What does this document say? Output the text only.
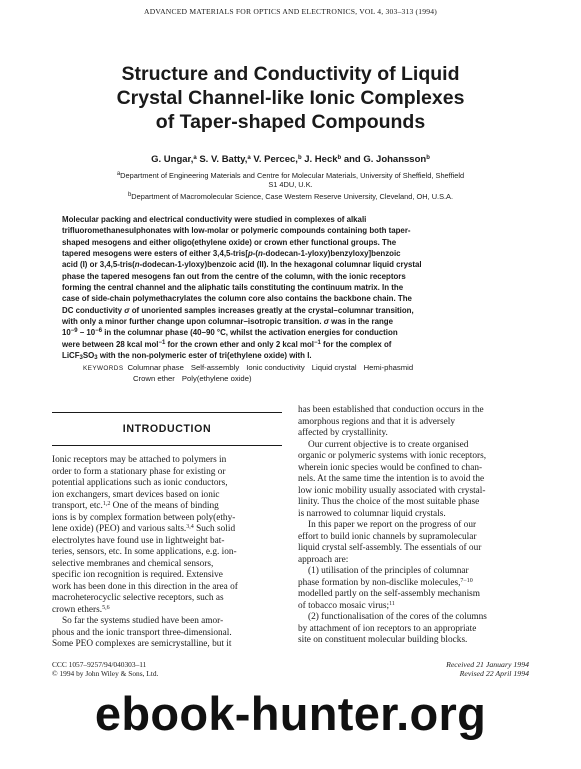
ADVANCED MATERIALS FOR OPTICS AND ELECTRONICS, VOL 4, 303–313 (1994)
Structure and Conductivity of Liquid
Crystal Channel-like Ionic Complexes
of Taper-shaped Compounds
G. Ungar,$^a$ S. V. Batty,$^a$ V. Percec,$^b$ J. Heck$^b$ and G. Johansson$^b$
$^a$Department of Engineering Materials and Centre for Molecular Materials, University of Sheffield, Sheffield
S1 4DU, U.K.
$^b$Department of Macromolecular Science, Case Western Reserve University, Cleveland, OH, U.S.A.
Molecular packing and electrical conductivity were studied in complexes of alkali
trifluoromethanesulphonates with low-molar or polymeric compounds containing both taper-
shaped mesogens and either oligo(ethylene oxide) or crown ether functional groups. The
tapered mesogens were esters of either 3,4,5-tris[p-(n-dodecan-1-yloxy)benzyloxy]benzoic
acid (I) or 3,4,5-tris(n-dodecan-1-yloxy)benzoic acid (II). In the hexagonal columnar liquid crystal
phase the tapered mesogens fan out from the centre of the column, with the ionic receptors
forming the central channel and the aliphatic tails constituting the continuum matrix. In the
case of side-chain polymethacrylates the column core also contains the backbone chain. The
DC conductivity σ of unoriented samples increases greatly at the crystal–columnar transition,
with only a minor further change upon columnar–isotropic transition. σ was in the range
$10^{-9} - 10^{-6}$ in the columnar phase (40–90 °C, whilst the activation energies for conduction
were between 28 kcal mol$^{-1}$ for the crown ether and only 2 kcal mol$^{-1}$ for the complex of
$LiCF_3SO_3$ with the non-polymeric ester of tri(ethylene oxide) with I.
KEYWORDS Columnar phase Self-assembly Ionic conductivity Liquid crystal Hemi-phasmid
Crown ether Poly(ethylene oxide)
INTRODUCTION
Ionic receptors may be attached to polymers in
order to form a stationary phase for existing or
potential applications such as ionic conductors,
ion exchangers, smart devices based on ionic
transport, etc.$^{1,2}$ One of the means of binding
ions is by complex formation between poly(ethy-
lene oxide) (PEO) and various salts.$^{3,4}$ Such solid
electrolytes have found use in lightweight bat-
teries, sensors, etc. In some applications, e.g. ion-
selective membranes and chemical sensors,
specific ion recognition is required. Extensive
work has been done in this direction in the area of
macroheterocyclic selective receptors, such as
crown ethers.$^{5,6}$
So far the systems studied have been amor-
phous and the ionic transport three-dimensional.
Some PEO complexes are semicrystalline, but it
has been established that conduction occurs in the
amorphous regions and that it is adversely
affected by crystallinity.
Our current objective is to create organised
organic or polymeric systems with ionic receptors,
wherein ionic species would be confined to chan-
nels. At the same time the intention is to avoid the
low ionic mobility usually associated with crystal-
linity. Thus the choice of the most suitable phase
is narrowed to columnar liquid crystals.
In this paper we report on the progress of our
effort to build ionic channels by supramolecular
liquid crystal self-assembly. The essentials of our
approach are:
(1) utilisation of the principles of columnar
phase formation by non-disclike molecules,$^{7-10}$
modelled partly on the self-assembly mechanism
of tobacco mosaic virus;$^{11}$
(2) functionalisation of the cores of the columns
by attachment of ion receptors to an appropriate
site on constituent molecular building blocks.
CCC 1057–9257/94/040303–11
© 1994 by John Wiley & Sons, Ltd.
Received 21 January 1994
Revised 22 April 1994
ebook-hunter.org
